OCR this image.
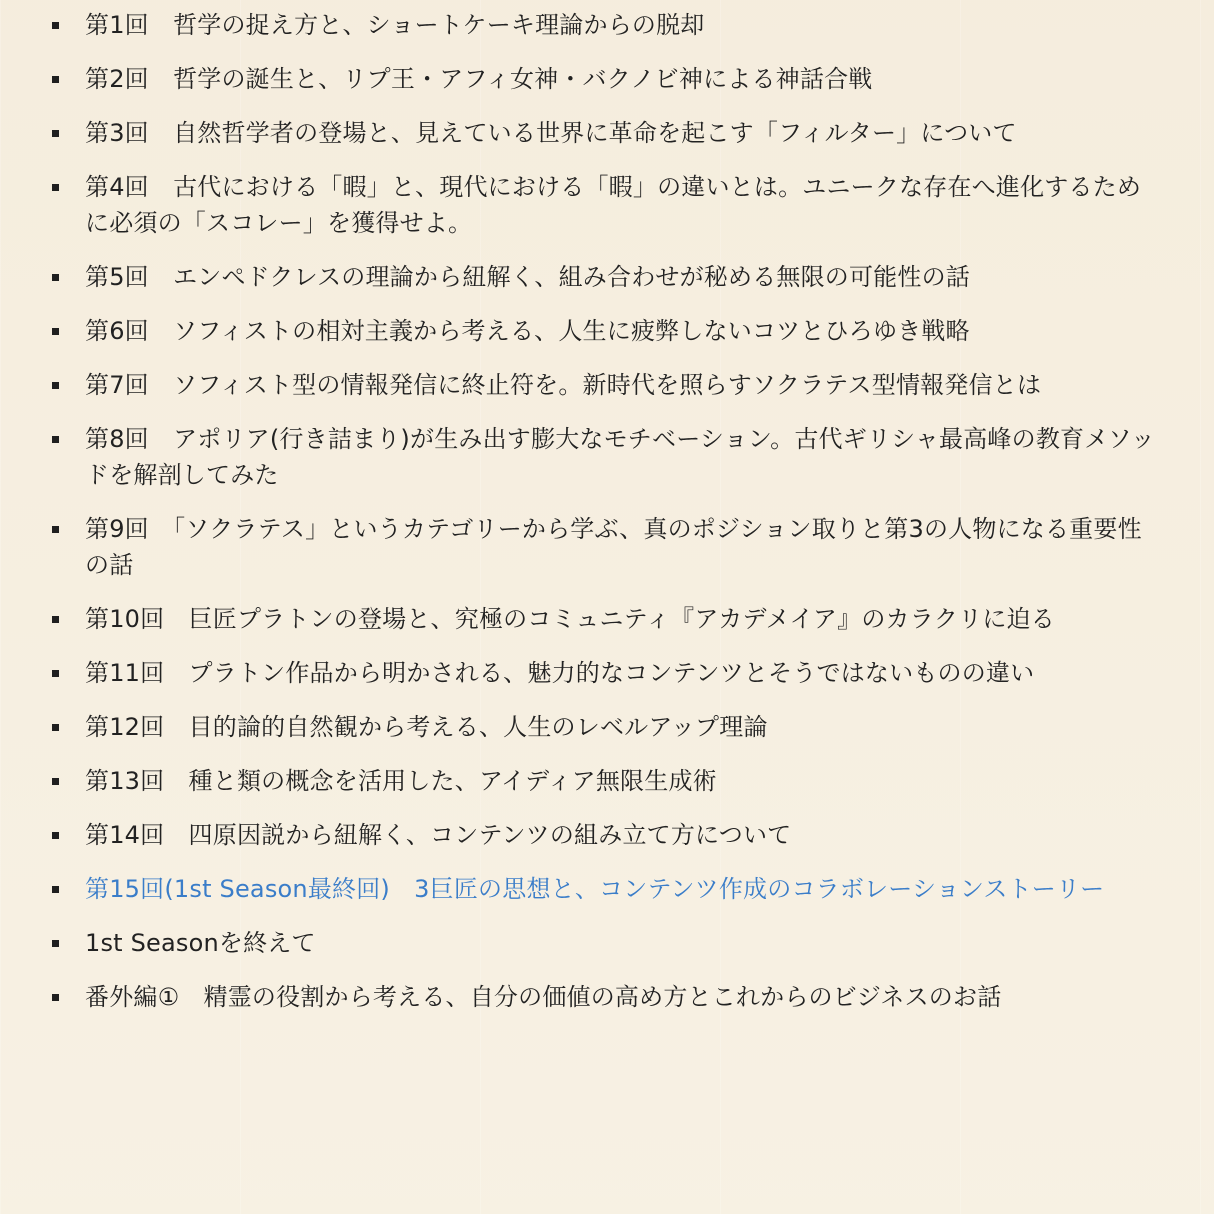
第1回　哲学の捉え方と、ショートケーキ理論からの脱却
第2回　哲学の誕生と、リプ王・アフィ女神・バクノビ神による神話合戦
第3回　自然哲学者の登場と、見えている世界に革命を起こす「フィルター」について
第4回　古代における「暇」と、現代における「暇」の違いとは。ユニークな存在へ進化するために必須の「スコレー」を獲得せよ。
第5回　エンペドクレスの理論から紐解く、組み合わせが秘める無限の可能性の話
第6回　ソフィストの相対主義から考える、人生に疲弊しないコツとひろゆき戦略
第7回　ソフィスト型の情報発信に終止符を。新時代を照らすソクラテス型情報発信とは
第8回　アポリア(行き詰まり)が生み出す膨大なモチベーション。古代ギリシャ最高峰の教育メソッドを解剖してみた
第9回　「ソクラテス」というカテゴリーから学ぶ、真のポジション取りと第3の人物になる重要性の話
第10回　巨匠プラトンの登場と、究極のコミュニティ『アカデメイア』のカラクリに迫る
第11回　プラトン作品から明かされる、魅力的なコンテンツとそうではないものの違い
第12回　目的論的自然観から考える、人生のレベルアップ理論
第13回　種と類の概念を活用した、アイディア無限生成術
第14回　四原因説から紐解く、コンテンツの組み立て方について
第15回(1st Season最終回)　3巨匠の思想と、コンテンツ作成のコラボレーションストーリー
1st Seasonを終えて
番外編①　精霊の役割から考える、自分の価値の高め方とこれからのビジネスのお話
